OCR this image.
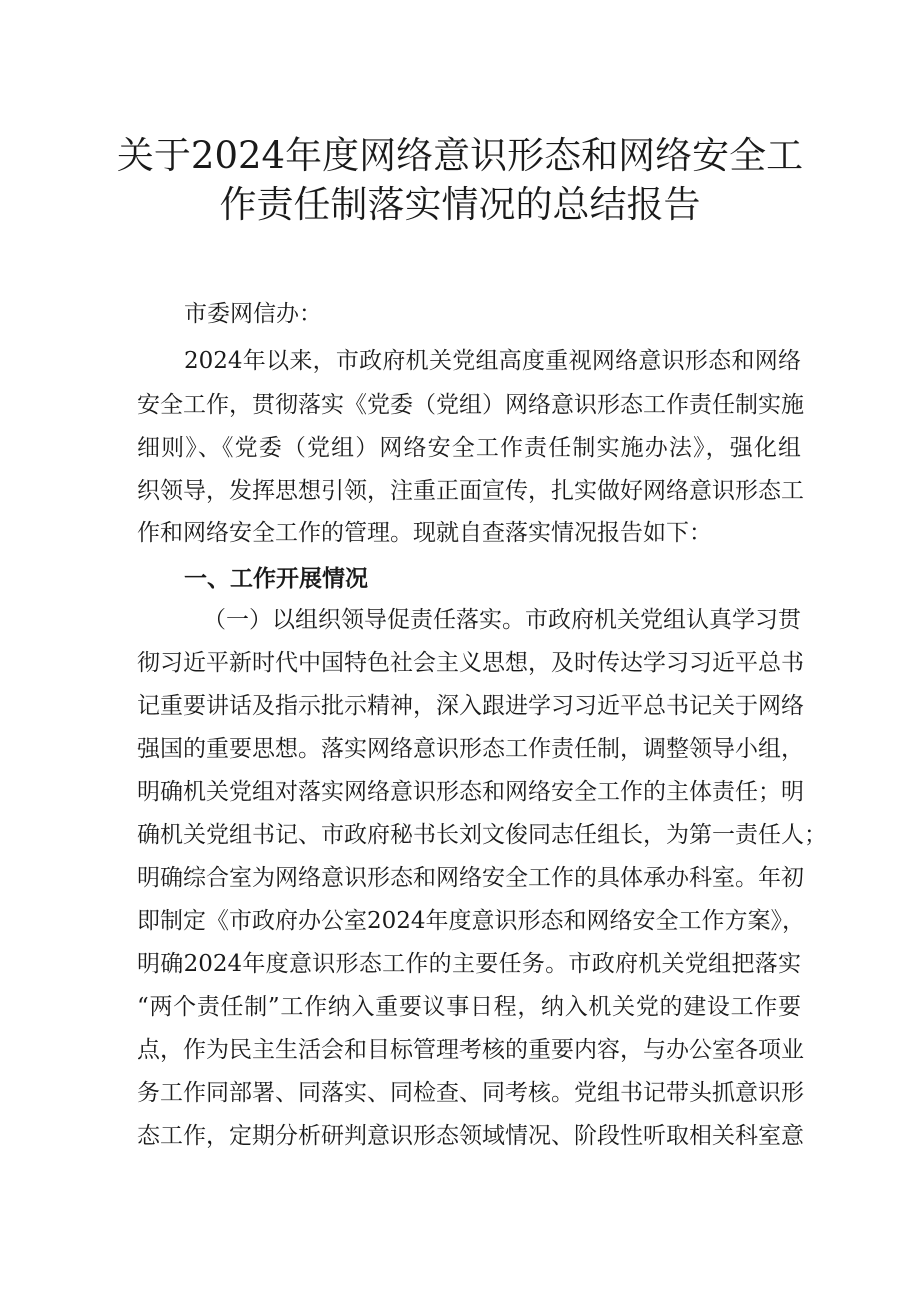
关于2024年度网络意识形态和网络安全工
作责任制落实情况的总结报告
市委网信办：
2024年以来，市政府机关党组高度重视网络意识形态和网络
安全工作，贯彻落实《党委（党组）网络意识形态工作责任制实施
细则》、《党委（党组）网络安全工作责任制实施办法》，强化组
织领导，发挥思想引领，注重正面宣传，扎实做好网络意识形态工
作和网络安全工作的管理。现就自查落实情况报告如下：
一、工作开展情况
（一）以组织领导促责任落实。市政府机关党组认真学习贯
彻习近平新时代中国特色社会主义思想，及时传达学习习近平总书
记重要讲话及指示批示精神，深入跟进学习习近平总书记关于网络
强国的重要思想。落实网络意识形态工作责任制，调整领导小组，
明确机关党组对落实网络意识形态和网络安全工作的主体责任；明
确机关党组书记、市政府秘书长刘文俊同志任组长，为第一责任人；
明确综合室为网络意识形态和网络安全工作的具体承办科室。年初
即制定《市政府办公室2024年度意识形态和网络安全工作方案》，
明确2024年度意识形态工作的主要任务。市政府机关党组把落实
“两个责任制”工作纳入重要议事日程，纳入机关党的建设工作要
点，作为民主生活会和目标管理考核的重要内容，与办公室各项业
务工作同部署、同落实、同检查、同考核。党组书记带头抓意识形
态工作，定期分析研判意识形态领域情况、阶段性听取相关科室意
